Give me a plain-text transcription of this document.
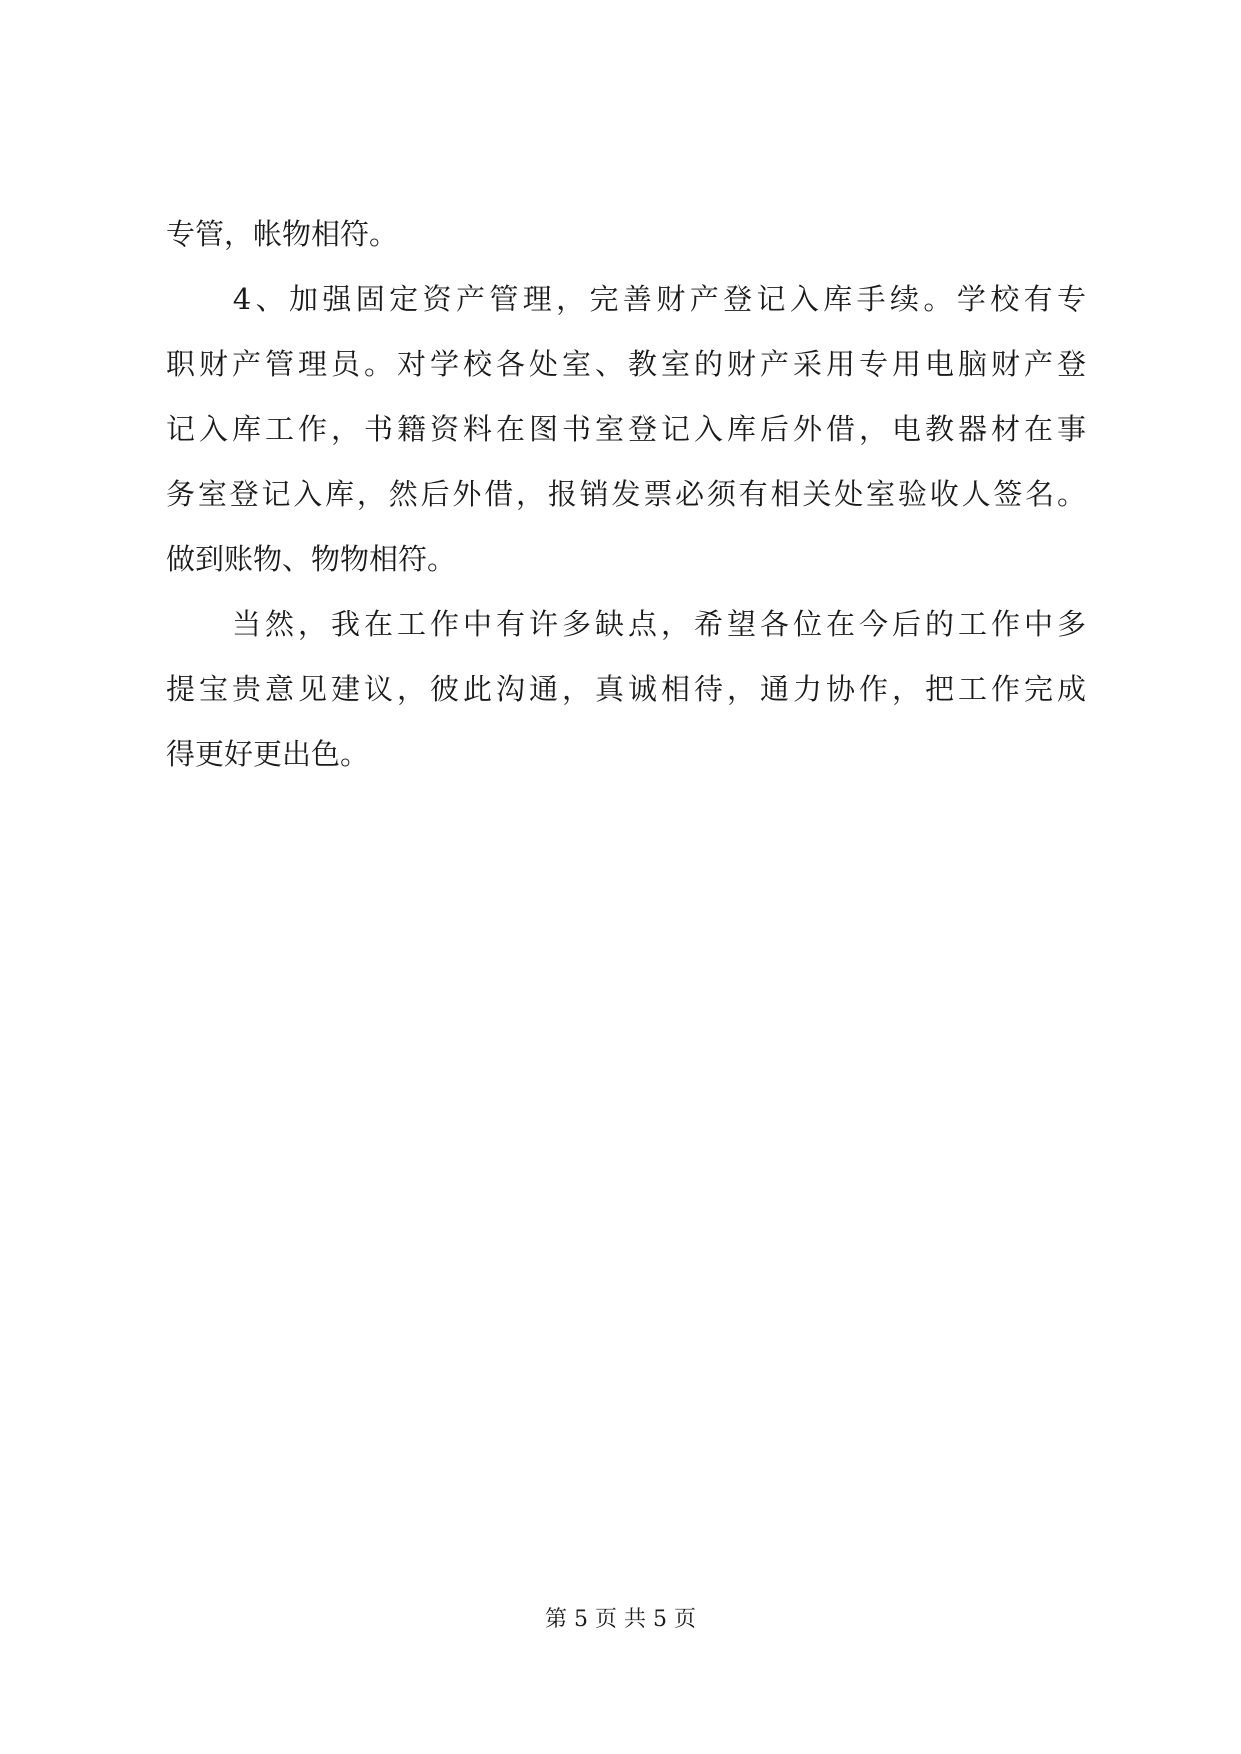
专管，帐物相符。
　　4、加强固定资产管理，完善财产登记入库手续。学校有专
职财产管理员。对学校各处室、教室的财产采用专用电脑财产登
记入库工作，书籍资料在图书室登记入库后外借，电教器材在事
务室登记入库，然后外借，报销发票必须有相关处室验收人签名。
做到账物、物物相符。
　　当然，我在工作中有许多缺点，希望各位在今后的工作中多
提宝贵意见建议，彼此沟通，真诚相待，通力协作，把工作完成
得更好更出色。
第 5 页 共 5 页
